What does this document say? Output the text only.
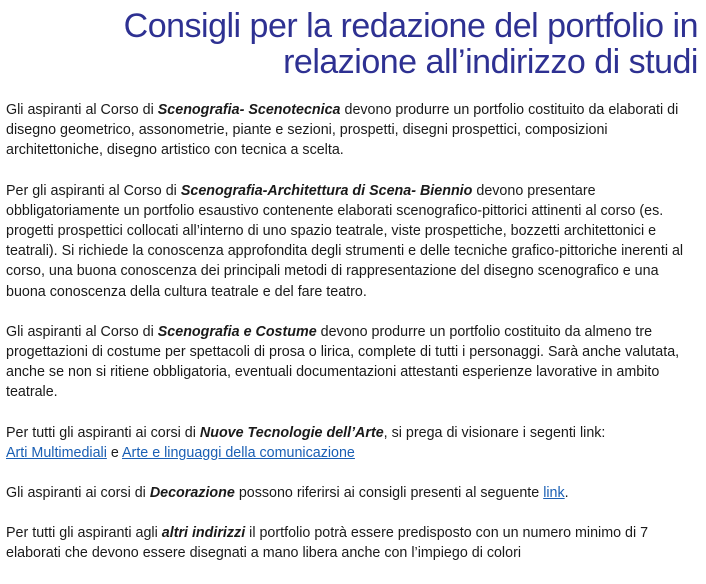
Consigli per la redazione del portfolio in
relazione all’indirizzo di studi

Gli aspiranti al Corso di Scenografia- Scenotecnica devono produrre un portfolio costituito da elaborati di disegno geometrico, assonometrie, piante e sezioni, prospetti, disegni prospettici, composizioni architettoniche, disegno artistico con tecnica a scelta.

Per gli aspiranti al Corso di Scenografia-Architettura di Scena- Biennio devono presentare obbligatoriamente un portfolio esaustivo contenente elaborati scenografico-pittorici attinenti al corso (es. progetti prospettici collocati all’interno di uno spazio teatrale, viste prospettiche, bozzetti architettonici e teatrali). Si richiede la conoscenza approfondita degli strumenti e delle tecniche grafico-pittoriche inerenti al corso, una buona conoscenza dei principali metodi di rappresentazione del disegno scenografico e una buona conoscenza della cultura teatrale e del fare teatro.

Gli aspiranti al Corso di Scenografia e Costume devono produrre un portfolio costituito da almeno tre progettazioni di costume per spettacoli di prosa o lirica, complete di tutti i personaggi. Sarà anche valutata, anche se non si ritiene obbligatoria, eventuali documentazioni attestanti esperienze lavorative in ambito teatrale.

Per tutti gli aspiranti ai corsi di Nuove Tecnologie dell’Arte, si prega di visionare i segenti link:
Arti Multimediali e Arte e linguaggi della comunicazione

Gli aspiranti ai corsi di Decorazione possono riferirsi ai consigli presenti al seguente link.

Per tutti gli aspiranti agli altri indirizzi il portfolio potrà essere predisposto con un numero minimo di 7 elaborati che devono essere disegnati a mano libera anche con l’impiego di colori
